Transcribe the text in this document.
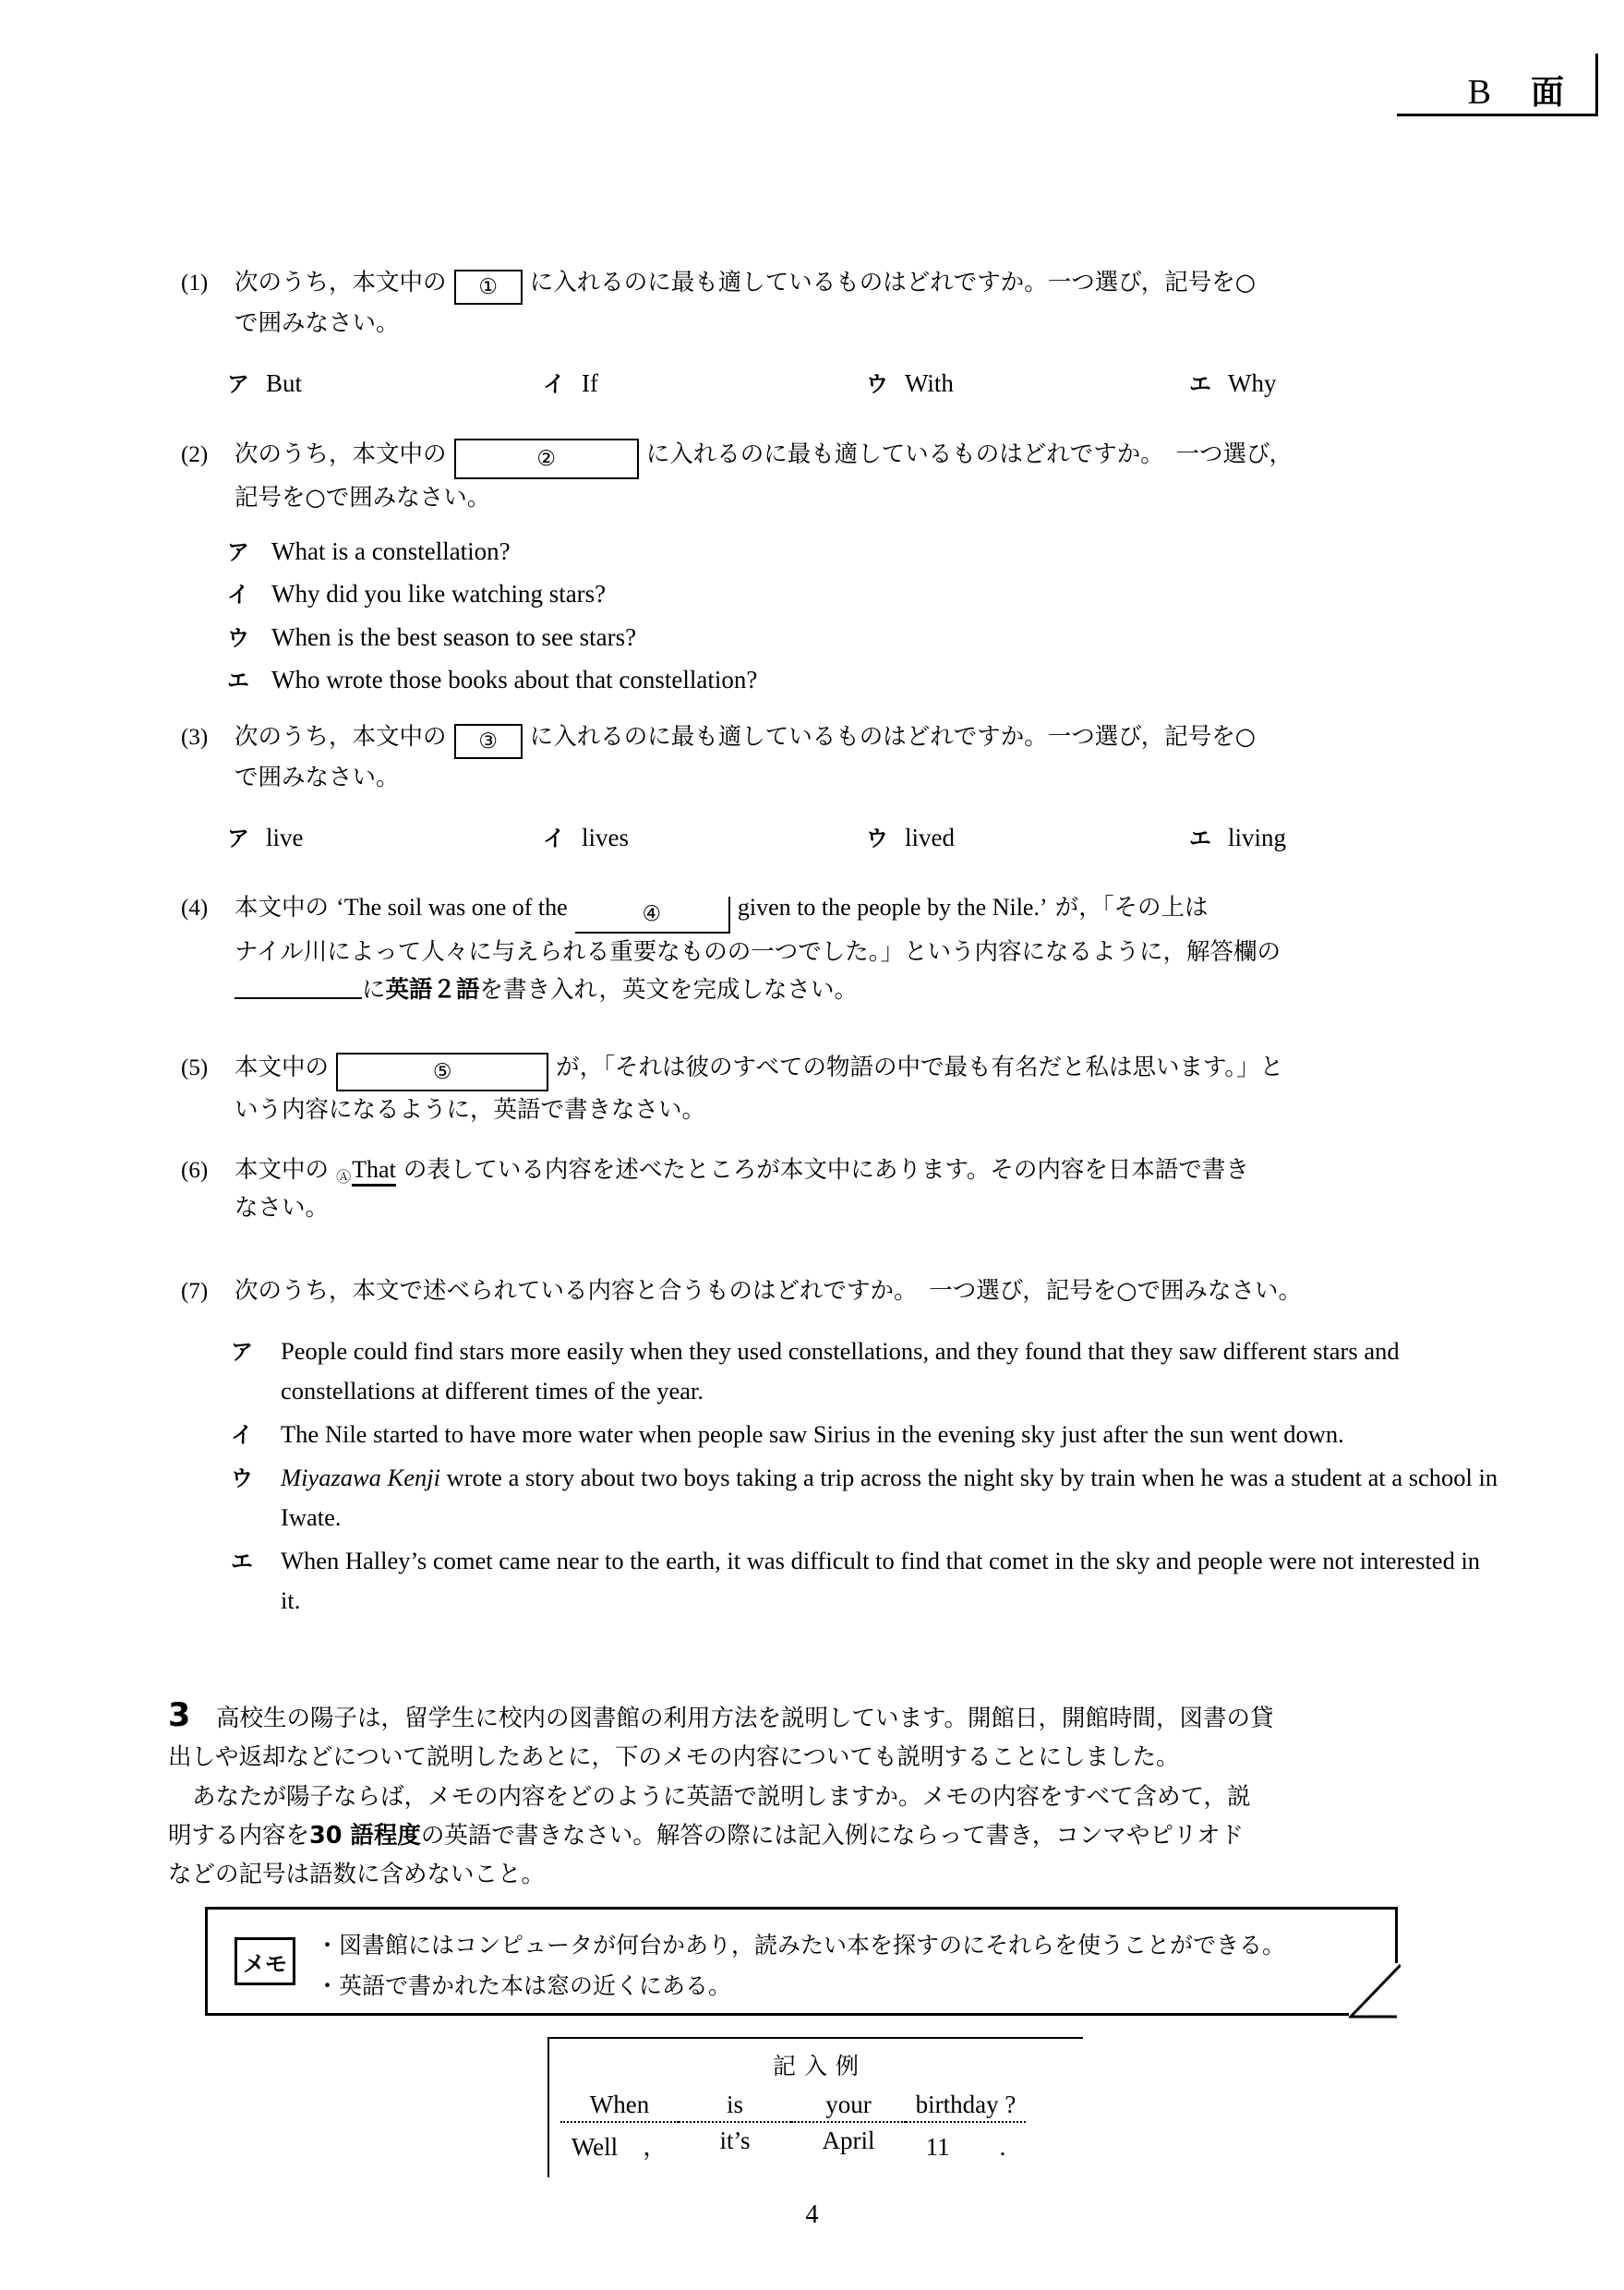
B 面
(1)	次のうち，本文中の ① に入れるのに最も適しているものはどれですか。一つ選び，記号を○
で囲みなさい。
ア But	イ If	ウ With	エ Why
(2)	次のうち，本文中の	②	に入れるのに最も適しているものはどれですか。　一つ選び，
記号を○で囲みなさい。
ア What is a constellation?
イ Why did you like watching stars?
ウ When is the best season to see stars?
エ Who wrote those books about that constellation?
(3)	次のうち，本文中の ③ に入れるのに最も適しているものはどれですか。一つ選び，記号を○
で囲みなさい。
ア live	イ lives	ウ lived	エ living
(4)	本文中の ‘The soil was one of the	④	given to the people by the Nile.’ が，「その上は
ナイル川によって人々に与えられる重要なものの一つでした。」という内容になるように，解答欄の
に英語２語を書き入れ，英文を完成しなさい。
(5)	本文中の	⑤	が，「それは彼のすべての物語の中で最も有名だと私は思います。」と
いう内容になるように，英語で書きなさい。
(6)	本文中の ⒶThat の表している内容を述べたところが本文中にあります。その内容を日本語で書き
なさい。
(7)	次のうち，本文で述べられている内容と合うものはどれですか。　一つ選び，記号を○で囲みなさい。
ア	People could find stars more easily when they used constellations, and they found that they saw different stars and constellations at different times of the year.
イ	The Nile started to have more water when people saw Sirius in the evening sky just after the sun went down.
ウ	Miyazawa Kenji wrote a story about two boys taking a trip across the night sky by train when he was a student at a school in Iwate.
エ	When Halley’s comet came near to the earth, it was difficult to find that comet in the sky and people were not interested in it.
3	高校生の陽子は，留学生に校内の図書館の利用方法を説明しています。開館日，開館時間，図書の貸
出しや返却などについて説明したあとに，下のメモの内容についても説明することにしました。
あなたが陽子ならば，メモの内容をどのように英語で説明しますか。メモの内容をすべて含めて，説
明する内容を30 語程度の英語で書きなさい。解答の際には記入例にならって書き，コンマやピリオド
などの記号は語数に含めないこと。
メモ
・図書館にはコンピュータが何台かあり，読みたい本を探すのにそれらを使うことができる。
・英語で書かれた本は窓の近くにある。
記入例
When	is	your	birthday ?
Well　，	it’s	April	11　　.
4
